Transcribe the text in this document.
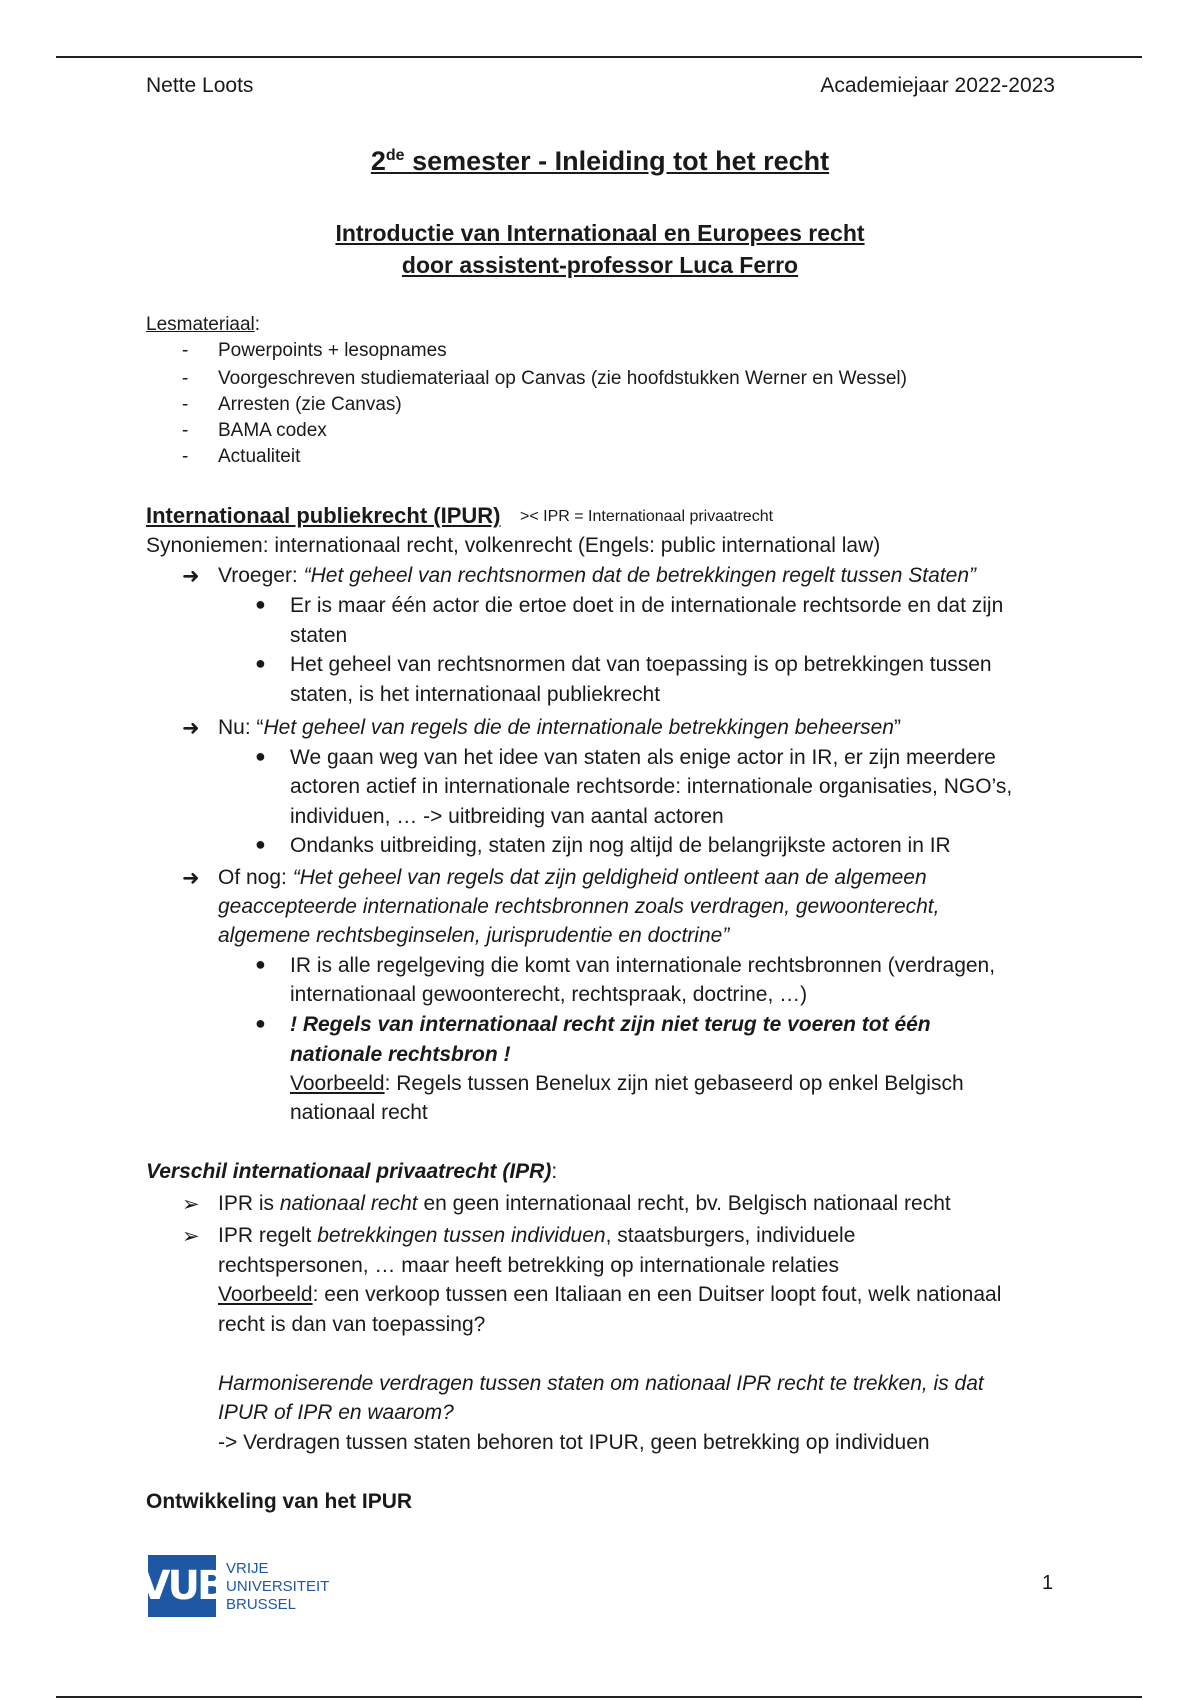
Nette Loots	Academiejaar 2022-2023
2de semester - Inleiding tot het recht
Introductie van Internationaal en Europees recht
door assistent-professor Luca Ferro
Lesmateriaal:
- Powerpoints + lesopnames
- Voorgeschreven studiemateriaal op Canvas (zie hoofdstukken Werner en Wessel)
- Arresten (zie Canvas)
- BAMA codex
- Actualiteit
Internationaal publiekrecht (IPUR) >< IPR = Internationaal privaatrecht
Synoniemen: internationaal recht, volkenrecht (Engels: public international law)
➜ Vroeger: “Het geheel van rechtsnormen dat de betrekkingen regelt tussen Staten”
● Er is maar één actor die ertoe doet in de internationale rechtsorde en dat zijn
staten
● Het geheel van rechtsnormen dat van toepassing is op betrekkingen tussen
staten, is het internationaal publiekrecht
➜ Nu: “Het geheel van regels die de internationale betrekkingen beheersen”
● We gaan weg van het idee van staten als enige actor in IR, er zijn meerdere
actoren actief in internationale rechtsorde: internationale organisaties, NGO’s,
individuen, … -> uitbreiding van aantal actoren
● Ondanks uitbreiding, staten zijn nog altijd de belangrijkste actoren in IR
➜ Of nog: “Het geheel van regels dat zijn geldigheid ontleent aan de algemeen
geaccepteerde internationale rechtsbronnen zoals verdragen, gewoonterecht,
algemene rechtsbeginselen, jurisprudentie en doctrine”
● IR is alle regelgeving die komt van internationale rechtsbronnen (verdragen,
internationaal gewoonterecht, rechtspraak, doctrine, …)
● ! Regels van internationaal recht zijn niet terug te voeren tot één
nationale rechtsbron !
Voorbeeld: Regels tussen Benelux zijn niet gebaseerd op enkel Belgisch
nationaal recht
Verschil internationaal privaatrecht (IPR):
➢ IPR is nationaal recht en geen internationaal recht, bv. Belgisch nationaal recht
➢ IPR regelt betrekkingen tussen individuen, staatsburgers, individuele
rechtspersonen, … maar heeft betrekking op internationale relaties
Voorbeeld: een verkoop tussen een Italiaan en een Duitser loopt fout, welk nationaal
recht is dan van toepassing?
Harmoniserende verdragen tussen staten om nationaal IPR recht te trekken, is dat
IPUR of IPR en waarom?
-> Verdragen tussen staten behoren tot IPUR, geen betrekking op individuen
Ontwikkeling van het IPUR
VUB VRIJE
UNIVERSITEIT
BRUSSEL
1
